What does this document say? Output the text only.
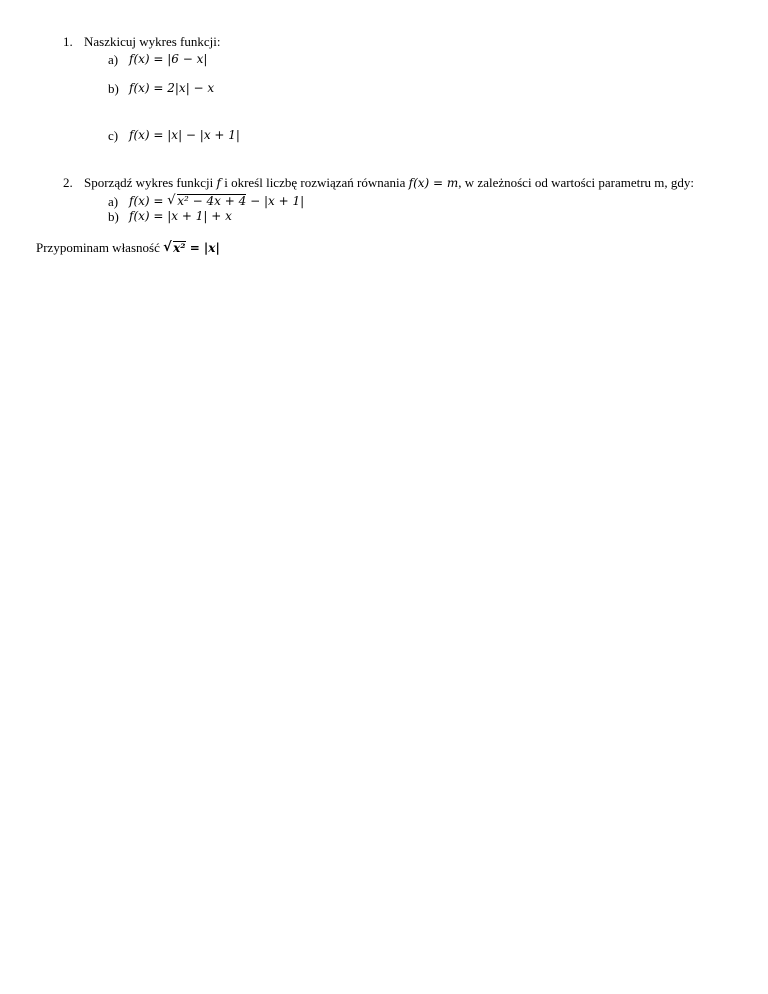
1. Naszkicuj wykres funkcji:
a) f(x) = |6 − x|
b) f(x) = 2|x| − x
c) f(x) = |x| − |x + 1|
2. Sporządź wykres funkcji f i określ liczbę rozwiązań równania f(x) = m, w zależności od wartości parametru m, gdy:
a) f(x) = √ x² − 4x + 4 − |x + 1|
b) f(x) = |x + 1| + x
Przypominam własność √ x² = |x|
